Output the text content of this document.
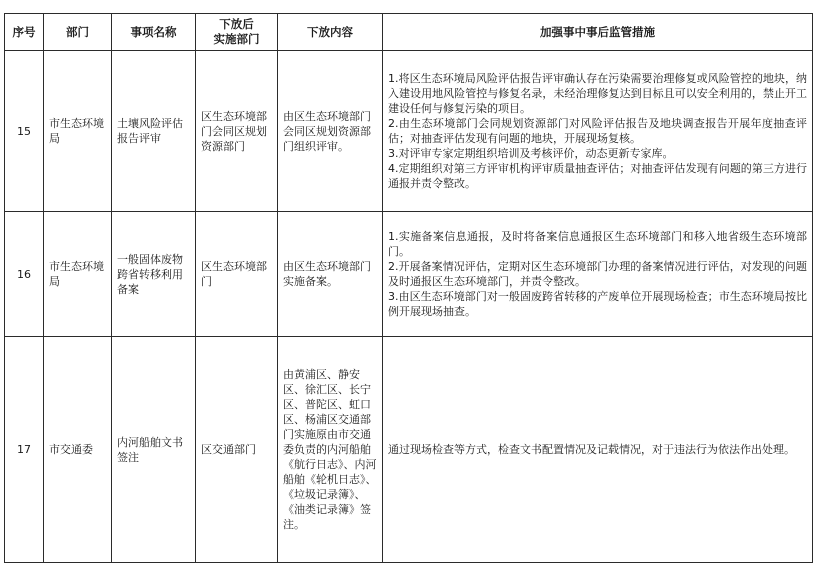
序号	部门	事项名称	下放后
实施部门	下放内容	加强事中事后监管措施
15	市生态环境局	土壤风险评估报告评审	区生态环境部门会同区规划资源部门	由区生态环境部门会同区规划资源部门组织评审。	1.将区生态环境局风险评估报告评审确认存在污染需要治理修复或风险管控的地块，纳入建设用地风险管控与修复名录，未经治理修复达到目标且可以安全利用的，禁止开工建设任何与修复污染的项目。
2.由生态环境部门会同规划资源部门对风险评估报告及地块调查报告开展年度抽查评估；对抽查评估发现有问题的地块，开展现场复核。
3.对评审专家定期组织培训及考核评价，动态更新专家库。
4.定期组织对第三方评审机构评审质量抽查评估；对抽查评估发现有问题的第三方进行通报并责令整改。

16	市生态环境局	一般固体废物跨省转移利用备案	区生态环境部门	由区生态环境部门实施备案。	1.实施备案信息通报，及时将备案信息通报区生态环境部门和移入地省级生态环境部门。
2.开展备案情况评估，定期对区生态环境部门办理的备案情况进行评估，对发现的问题及时通报区生态环境部门，并责令整改。
3.由区生态环境部门对一般固废跨省转移的产废单位开展现场检查；市生态环境局按比例开展现场抽查。

17	市交通委	内河船舶文书签注	区交通部门	由黄浦区、静安区、徐汇区、长宁区、普陀区、虹口区、杨浦区交通部门实施原由市交通委负责的内河船舶《航行日志》、内河船舶《轮机日志》、《垃圾记录簿》、《油类记录簿》签注。	通过现场检查等方式，检查文书配置情况及记载情况，对于违法行为依法作出处理。
